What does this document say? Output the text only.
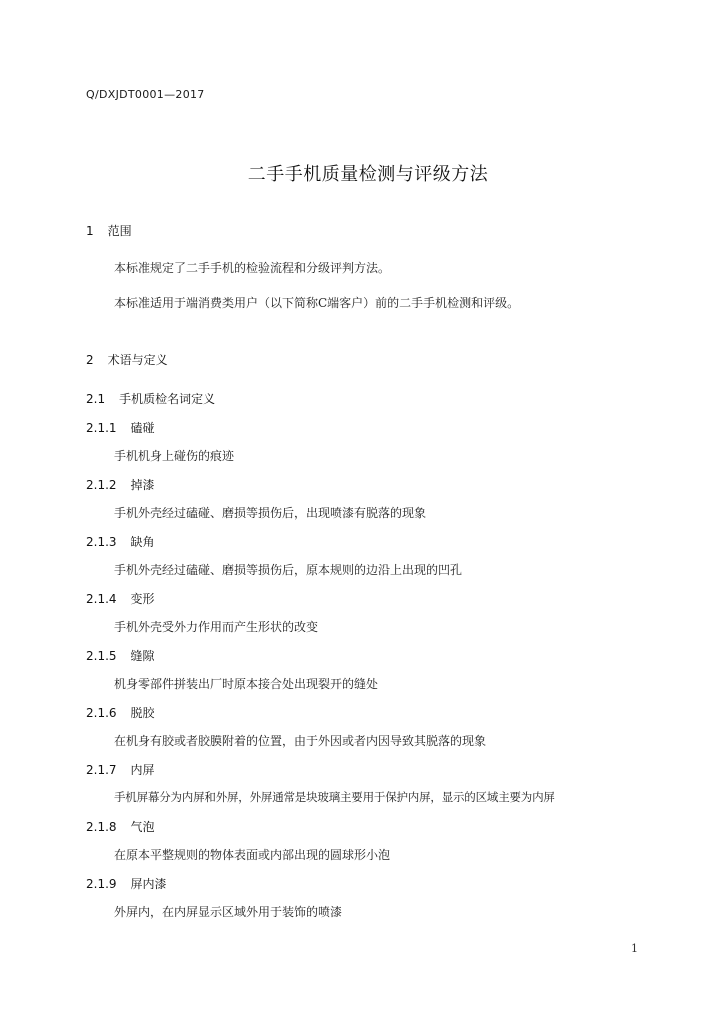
Q/DXJDT0001—2017
二手手机质量检测与评级方法
1 范围
本标准规定了二手手机的检验流程和分级评判方法。
本标准适用于端消费类用户（以下简称C端客户）前的二手手机检测和评级。
2 术语与定义
2.1 手机质检名词定义
2.1.1 磕碰
手机机身上碰伤的痕迹
2.1.2 掉漆
手机外壳经过磕碰、磨损等损伤后，出现喷漆有脱落的现象
2.1.3 缺角
手机外壳经过磕碰、磨损等损伤后，原本规则的边沿上出现的凹孔
2.1.4 变形
手机外壳受外力作用而产生形状的改变
2.1.5 缝隙
机身零部件拼装出厂时原本接合处出现裂开的缝处
2.1.6 脱胶
在机身有胶或者胶膜附着的位置，由于外因或者内因导致其脱落的现象
2.1.7 内屏
手机屏幕分为内屏和外屏，外屏通常是块玻璃主要用于保护内屏，显示的区域主要为内屏
2.1.8 气泡
在原本平整规则的物体表面或内部出现的圆球形小泡
2.1.9 屏内漆
外屏内，在内屏显示区域外用于装饰的喷漆
1
